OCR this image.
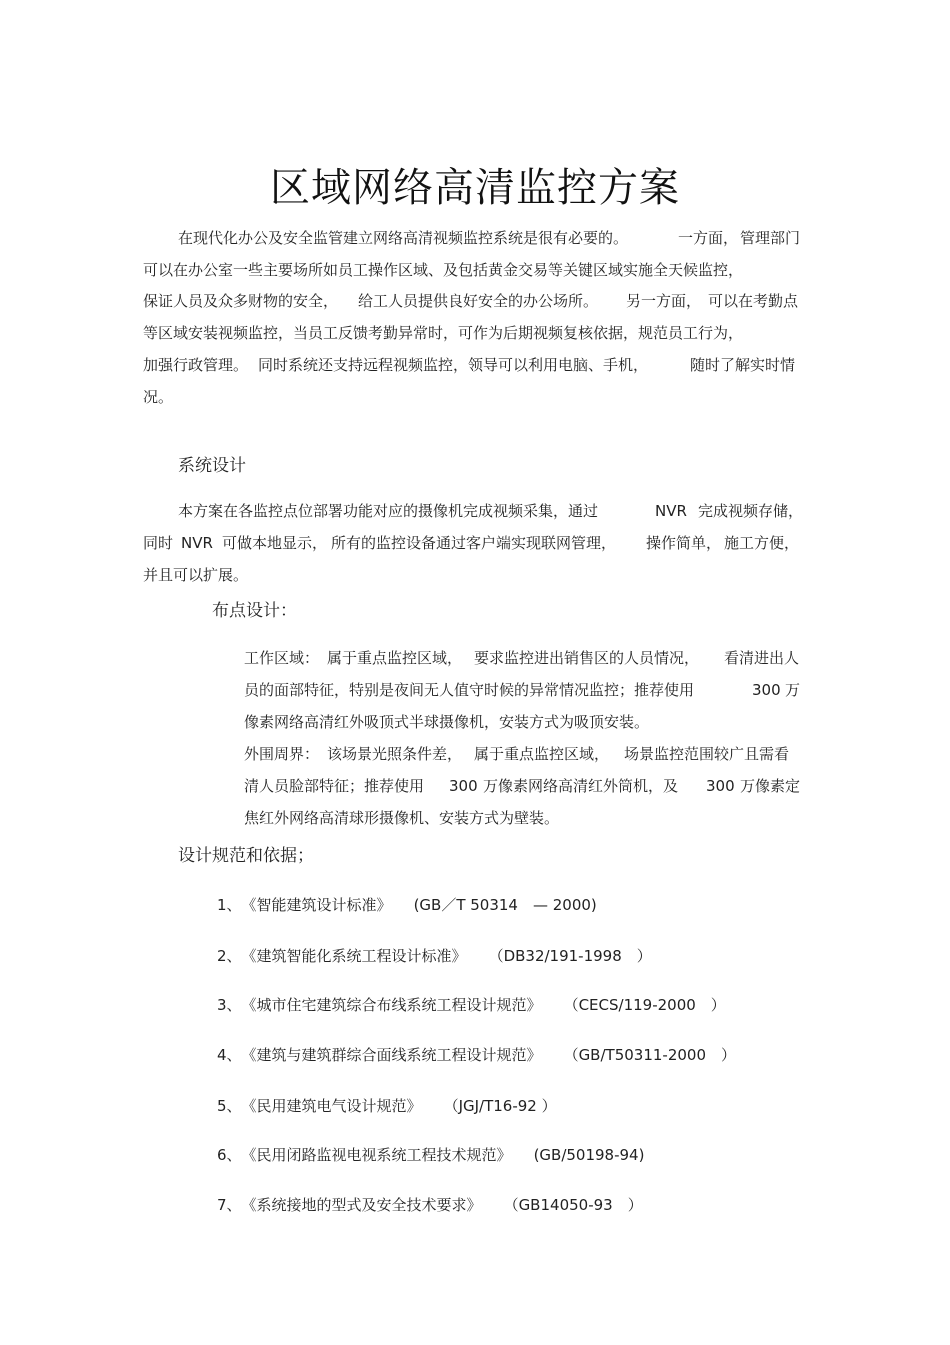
区域网络高清监控方案
在现代化办公及安全监管建立网络高清视频监控系统是很有必要的。	一方面， 管理部门
可以在办公室一些主要场所如员工操作区域、及包括黄金交易等关键区域实施全天候监控，
保证人员及众多财物的安全， 给工人员提供良好安全的办公场所。 另一方面， 可以在考勤点
等区域安装视频监控，当员工反馈考勤异常时，可作为后期视频复核依据，规范员工行为，
加强行政管理。 同时系统还支持远程视频监控，领导可以利用电脑、手机，	随时了解实时情
况。
系统设计
本方案在各监控点位部署功能对应的摄像机完成视频采集，通过	NVR 完成视频存储，
同时 NVR 可做本地显示， 所有的监控设备通过客户端实现联网管理， 操作简单， 施工方便，
并且可以扩展。
布点设计：
工作区域： 属于重点监控区域， 要求监控进出销售区的人员情况， 看清进出人
员的面部特征，特别是夜间无人值守时候的异常情况监控；推荐使用	300 万
像素网络高清红外吸顶式半球摄像机，安装方式为吸顶安装。
外围周界： 该场景光照条件差， 属于重点监控区域， 场景监控范围较广且需看
清人员脸部特征；推荐使用 300 万像素网络高清红外筒机，及 300 万像素定
焦红外网络高清球形摄像机、安装方式为壁装。
设计规范和依据；
1、《智能建筑设计标准》 (GB／T 50314　— 2000)
2、《建筑智能化系统工程设计标准》 （DB32/191-1998　）
3、《城市住宅建筑综合布线系统工程设计规范》 （CECS/119-2000　）
4、《建筑与建筑群综合面线系统工程设计规范》 （GB/T50311-2000　）
5、《民用建筑电气设计规范》 （JGJ/T16-92 ）
6、《民用闭路监视电视系统工程技术规范》 (GB/50198-94)
7、《系统接地的型式及安全技术要求》 （GB14050-93　）
